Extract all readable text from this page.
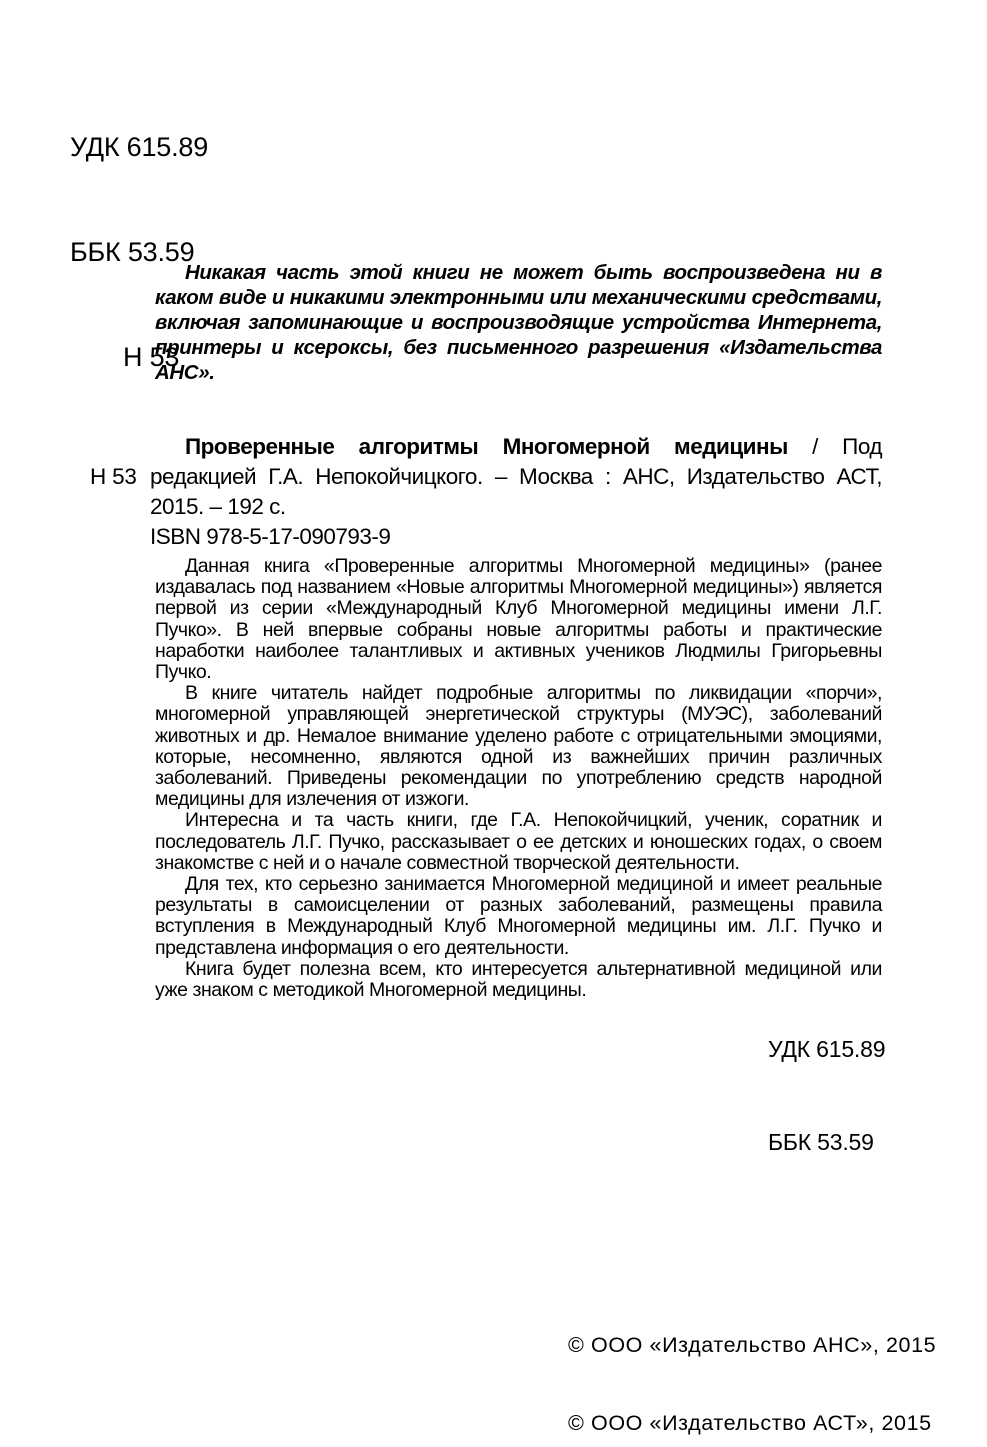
УДК 615.89

ББК 53.59

Н 53

Никакая часть этой книги не может быть воспроизведена ни в каком виде и никакими электронными или механическими средствами, включая запоминающие и воспроизводящие устройства Интернета, принтеры и ксероксы, без письменного разрешения «Издательства АНС».

Н 53

Проверенные алгоритмы Многомерной медицины / Под редакцией Г.А. Непокойчицкого. – Москва : АНС, Издательство АСТ, 2015. – 192 с.

ISBN 978-5-17-090793-9

Данная книга «Проверенные алгоритмы Многомерной медицины» (ранее издавалась под названием «Новые алгоритмы Многомерной медицины») является первой из серии «Международный Клуб Многомерной медицины имени Л.Г. Пучко». В ней впервые собраны новые алгоритмы работы и практические наработки наиболее талантливых и активных учеников Людмилы Григорьевны Пучко.

В книге читатель найдет подробные алгоритмы по ликвидации «порчи», многомерной управляющей энергетической структуры (МУЭС), заболеваний животных и др. Немалое внимание уделено работе с отрицательными эмоциями, которые, несомненно, являются одной из важнейших причин различных заболеваний. Приведены рекомендации по употреблению средств народной медицины для излечения от изжоги.

Интересна и та часть книги, где Г.А. Непокойчицкий, ученик, соратник и последователь Л.Г. Пучко, рассказывает о ее детских и юношеских годах, о своем знакомстве с ней и о начале совместной творческой деятельности.

Для тех, кто серьезно занимается Многомерной медициной и имеет реальные результаты в самоисцелении от разных заболеваний, размещены правила вступления в Международный Клуб Многомерной медицины им. Л.Г. Пучко и представлена информация о его деятельности.

Книга будет полезна всем, кто интересуется альтернативной медициной или уже знаком с методикой Многомерной медицины.

УДК 615.89

ББК 53.59

© ООО «Издательство АНС», 2015

© ООО «Издательство АСТ», 2015
